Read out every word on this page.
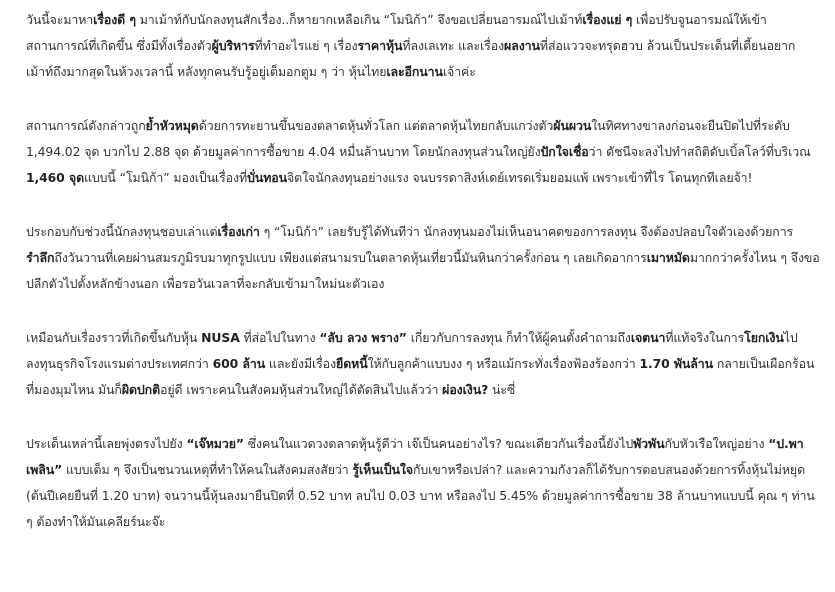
วันนี้จะมาหาเรื่องดี ๆ มาเม้าท์กับนักลงทุนสักเรื่อง..ก็หายากเหลือเกิน “โมนิก้า” จึงขอเปลี่ยนอารมณ์ไปเม้าท์เรื่องแย่ ๆ เพื่อปรับจูนอารมณ์ให้เข้าสถานการณ์ที่เกิดขึ้น ซึ่งมีทั้งเรื่องตัวผู้บริหารที่ทำอะไรแย่ ๆ เรื่องราคาหุ้นที่ลงเลเทะ และเรื่องผลงานที่ส่อแววจะทรุดฮวบ ล้วนเป็นประเด็นที่เตี้ยนอยากเม้าท์ถึงมากสุดในห้วงเวลานี้ หลังทุกคนรับรู้อยู่เต็มอกตูม ๆ ว่า หุ้นไทยเละอีกนานเจ้าค่ะ

สถานการณ์ดังกล่าวถูกย้ำหัวหมุดด้วยการทะยานขึ้นของตลาดหุ้นทั่วโลก แต่ตลาดหุ้นไทยกลับแกว่งตัวผันผวนในทิศทางขาลงก่อนจะยืนปิดไปที่ระดับ 1,494.02 จุด บวกไป 2.88 จุด ด้วยมูลค่าการซื้อขาย 4.04 หมื่นล้านบาท โดยนักลงทุนส่วนใหญ่ยังปักใจเชื่อว่า ดัชนีจะลงไปทำสถิติดับเบิ้ลโลว์ที่บริเวณ 1,460 จุดแบบนี้ “โมนิก้า” มองเป็นเรื่องที่บั่นทอนจิตใจนักลงทุนอย่างแรง จนบรรดาสิงห์เดย์เทรดเริ่มยอมแพ้ เพราะเข้าที่ไร โดนทุกทีเลยจ้า!

ประกอบกับช่วงนี้นักลงทุนชอบเล่าแต่เรื่องเก่า ๆ “โมนิก้า” เลยรับรู้ได้ทันทีว่า นักลงทุนมองไม่เห็นอนาคตของการลงทุน จึงต้องปลอบใจตัวเองด้วยการรำลึกถึงวันวานที่เคยผ่านสมรภูมิรบมาทุกรูปแบบ เพียงแต่สนามรบในตลาดหุ้นเที่ยวนี้มันหินกว่าครั้งก่อน ๆ เลยเกิดอาการเมาหมัดมากกว่าครั้งไหน ๆ จึงขอปลีกตัวไปตั้งหลักข้างนอก เพื่อรอวันเวลาที่จะกลับเข้ามาใหม่นะตัวเอง

เหมือนกับเรื่องราวที่เกิดขึ้นกับหุ้น NUSA ที่ส่อไปในทาง “ลับ ลวง พราง” เกี่ยวกับการลงทุน ก็ทำให้ผู้คนตั้งคำถามถึงเจตนาที่แท้จริงในการโยกเงินไปลงทุนธุรกิจโรงแรมต่างประเทศกว่า 600 ล้าน และยังมีเรื่องยืดหนี้ให้กับลูกค้าแบบงง ๆ หรือแม้กระทั่งเรื่องฟ้องร้องกว่า 1.70 พันล้าน กลายเป็นเผือกร้อนที่มองมุมไหน มันก็ผิดปกติอยู่ดี เพราะคนในสังคมหุ้นส่วนใหญ่ได้ตัดสินไปแล้วว่า ผ่องเงิน? น่ะซี่

ประเด็นเหล่านี้เลยพุ่งตรงไปยัง “เจ๊หมวย” ซึ่งคนในแวดวงตลาดหุ้นรู้ดีว่า เจ๊เป็นคนอย่างไร? ขณะเดียวกันเรื่องนี้ยังไปพัวพันกับหัวเรือใหญ่อย่าง “ป.พาเพลิน” แบบเต็ม ๆ จึงเป็นชนวนเหตุที่ทำให้คนในสังคมสงสัยว่า รู้เห็นเป็นใจกับเขาหรือเปล่า? และความกังวลก็ได้รับการตอบสนองด้วยการทิ้งหุ้นไม่หยุด (ต้นปีเคยยืนที่ 1.20 บาท) จนวานนี้หุ้นลงมายืนปิดที่ 0.52 บาท ลบไป 0.03 บาท หรือลงไป 5.45% ด้วยมูลค่าการซื้อขาย 38 ล้านบาทแบบนี้ คุณ ๆ ท่าน ๆ ต้องทำให้มันเคลียร์นะจ๊ะ
